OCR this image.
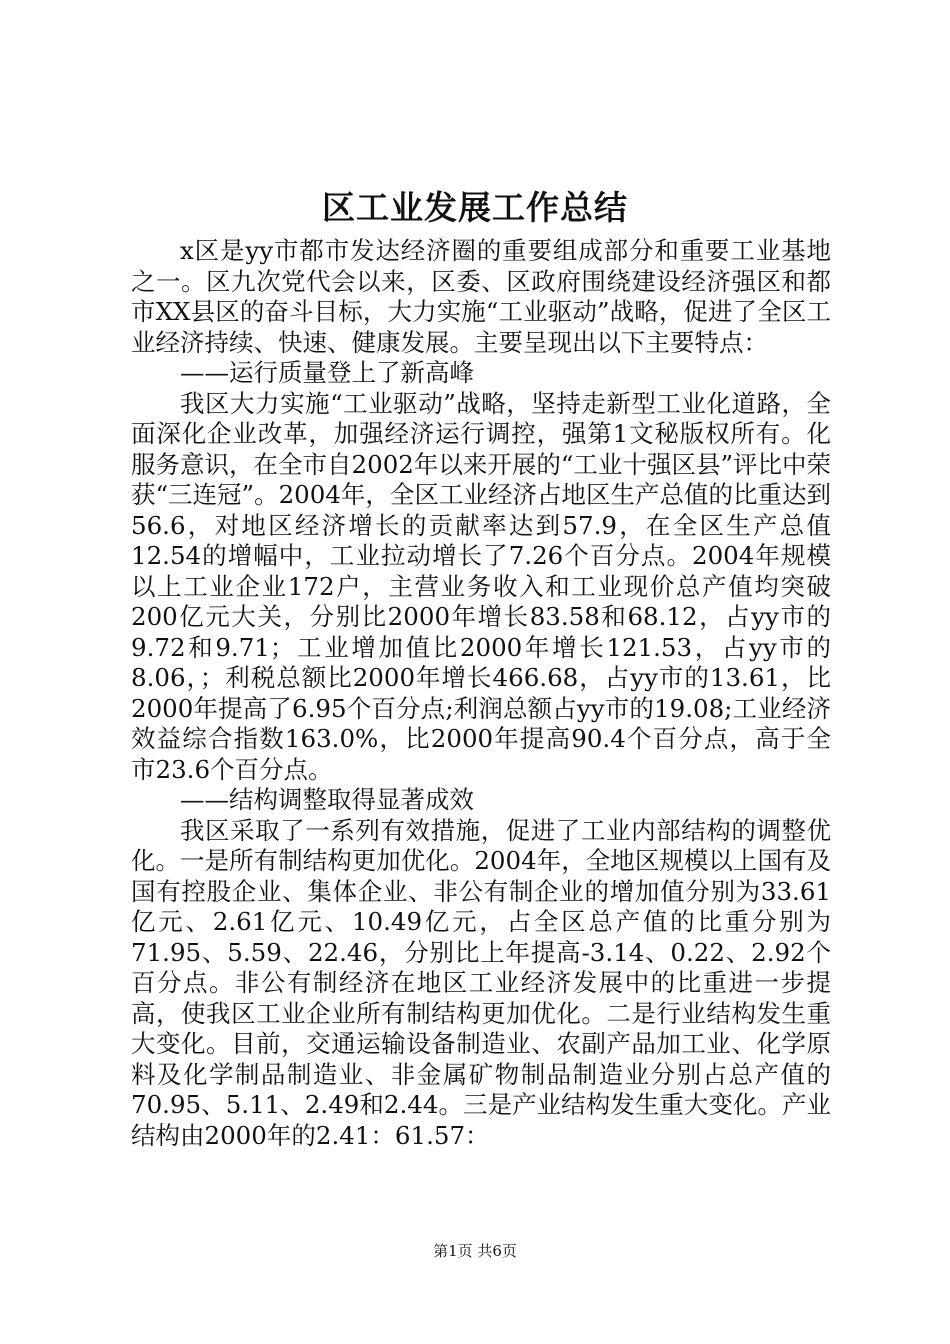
区工业发展工作总结

x区是yy市都市发达经济圈的重要组成部分和重要工业基地之一。区九次党代会以来，区委、区政府围绕建设经济强区和都市XX县区的奋斗目标，大力实施“工业驱动”战略，促进了全区工业经济持续、快速、健康发展。主要呈现出以下主要特点：

——运行质量登上了新高峰

我区大力实施“工业驱动”战略，坚持走新型工业化道路，全面深化企业改革，加强经济运行调控，强第1文秘版权所有。化服务意识，在全市自2002年以来开展的“工业十强区县”评比中荣获“三连冠”。2004年，全区工业经济占地区生产总值的比重达到56.6，对地区经济增长的贡献率达到57.9，在全区生产总值12.54的增幅中，工业拉动增长了7.26个百分点。2004年规模以上工业企业172户，主营业务收入和工业现价总产值均突破200亿元大关，分别比2000年增长83.58和68.12，占yy市的9.72和9.71；工业增加值比2000年增长121.53，占yy市的8.06，；利税总额比2000年增长466.68，占yy市的13.61，比2000年提高了6.95个百分点;利润总额占yy市的19.08;工业经济效益综合指数163.0%，比2000年提高90.4个百分点，高于全市23.6个百分点。

——结构调整取得显著成效

我区采取了一系列有效措施，促进了工业内部结构的调整优化。一是所有制结构更加优化。2004年，全地区规模以上国有及国有控股企业、集体企业、非公有制企业的增加值分别为33.61亿元、2.61亿元、10.49亿元，占全区总产值的比重分别为71.95、5.59、22.46，分别比上年提高-3.14、0.22、2.92个百分点。非公有制经济在地区工业经济发展中的比重进一步提高，使我区工业企业所有制结构更加优化。二是行业结构发生重大变化。目前，交通运输设备制造业、农副产品加工业、化学原料及化学制品制造业、非金属矿物制品制造业分别占总产值的70.95、5.11、2.49和2.44。三是产业结构发生重大变化。产业结构由2000年的2.41：61.57：

第1页 共6页
